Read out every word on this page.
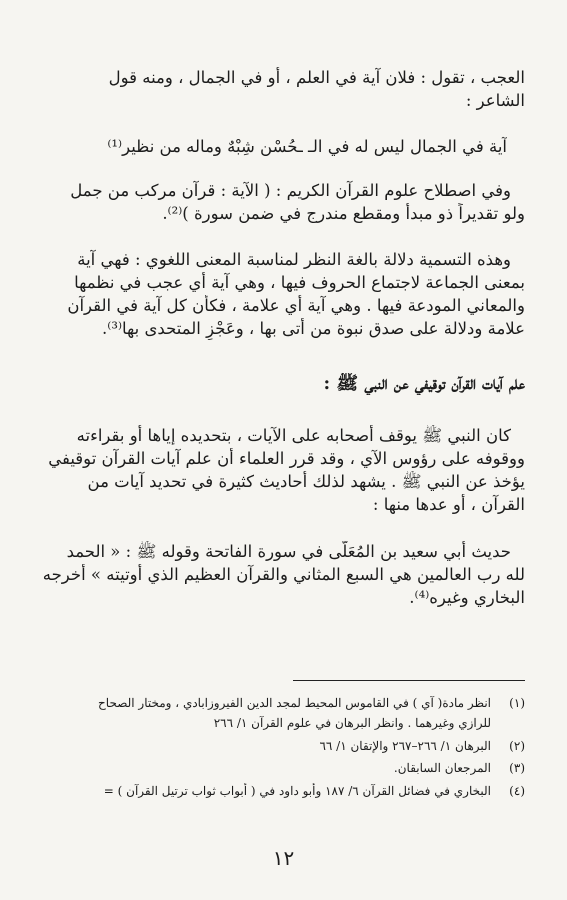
العجب ، تقول : فلان آية في العلم ، أو في الجمال ، ومنه قول
الشاعر :
آية في الجمال ليس له في الـ ـحُسْن شِبْهٌ وماله من نظير⁽¹⁾
وفي اصطلاح علوم القرآن الكريم : ( الآية : قرآن مركب من جمل
ولو تقديراً ذو مبدأ ومقطع مندرج في ضمن سورة )⁽²⁾.
وهذه التسمية دلالة بالغة النظر لمناسبة المعنى اللغوي : فهي آية
بمعنى الجماعة لاجتماع الحروف فيها ، وهي آية أي عجب في نظمها
والمعاني المودعة فيها . وهي آية أي علامة ، فكأن كل آية في القرآن
علامة ودلالة على صدق نبوة من أتى بها ، وعَجْزِ المتحدى بها⁽³⁾.
علم آيات القرآن توقيفي عن النبي ﷺ :
كان النبي ﷺ يوقف أصحابه على الآيات ، بتحديده إياها أو بقراءته
ووقوفه على رؤوس الآي ، وقد قرر العلماء أن علم آيات القرآن توقيفي
يؤخذ عن النبي ﷺ . يشهد لذلك أحاديث كثيرة في تحديد آيات من
القرآن ، أو عدها منها :
حديث أبي سعيد بن المُعَلَّى في سورة الفاتحة وقوله ﷺ : « الحمد
لله رب العالمين هي السبع المثاني والقرآن العظيم الذي أوتيته » أخرجه
البخاري وغيره⁽⁴⁾.
(١)انظر مادة( آي ) في القاموس المحيط لمجد الدين الفيروزابادي ، ومختار الصحاح
للرازي وغيرهما . وانظر البرهان في علوم القرآن ١/ ٢٦٦
(٢)البرهان ١/ ٢٦٦–٢٦٧ والإتقان ١/ ٦٦
(٣)المرجعان السابقان.
(٤)البخاري في فضائل القرآن ٦/ ١٨٧ وأبو داود في ( أبواب ثواب ترتيل القرآن ) =
١٢
